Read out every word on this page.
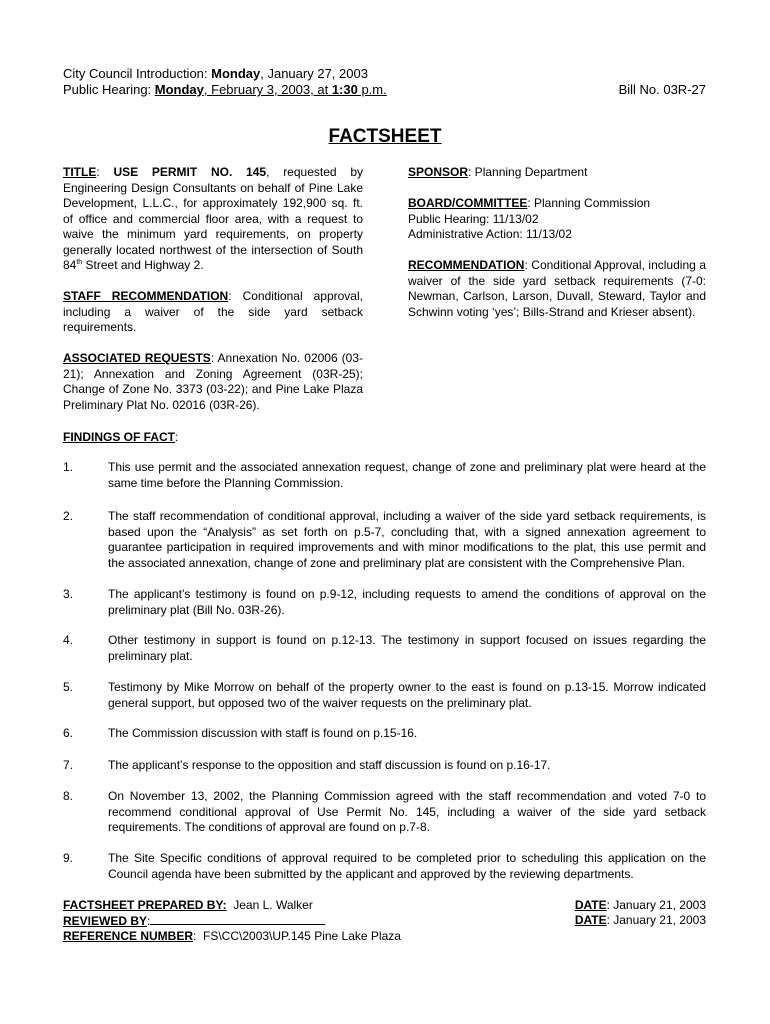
City Council Introduction: Monday, January 27, 2003
Public Hearing: Monday, February 3, 2003, at 1:30 p.m.	Bill No. 03R-27
FACTSHEET

TITLE: USE PERMIT NO. 145, requested by Engineering Design Consultants on behalf of Pine Lake Development, L.L.C., for approximately 192,900 sq. ft. of office and commercial floor area, with a request to waive the minimum yard requirements, on property generally located northwest of the intersection of South 84th Street and Highway 2.

STAFF RECOMMENDATION: Conditional approval, including a waiver of the side yard setback requirements.

ASSOCIATED REQUESTS: Annexation No. 02006 (03-21); Annexation and Zoning Agreement (03R-25); Change of Zone No. 3373 (03-22); and Pine Lake Plaza Preliminary Plat No. 02016 (03R-26).

SPONSOR: Planning Department

BOARD/COMMITTEE: Planning Commission
Public Hearing: 11/13/02
Administrative Action: 11/13/02

RECOMMENDATION: Conditional Approval, including a waiver of the side yard setback requirements (7-0: Newman, Carlson, Larson, Duvall, Steward, Taylor and Schwinn voting ‘yes’; Bills-Strand and Krieser absent).

FINDINGS OF FACT:
1.	This use permit and the associated annexation request, change of zone and preliminary plat were heard at the same time before the Planning Commission.
2.	The staff recommendation of conditional approval, including a waiver of the side yard setback requirements, is based upon the “Analysis” as set forth on p.5-7, concluding that, with a signed annexation agreement to guarantee participation in required improvements and with minor modifications to the plat, this use permit and the associated annexation, change of zone and preliminary plat are consistent with the Comprehensive Plan.
3.	The applicant’s testimony is found on p.9-12, including requests to amend the conditions of approval on the preliminary plat (Bill No. 03R-26).
4.	Other testimony in support is found on p.12-13. The testimony in support focused on issues regarding the preliminary plat.
5.	Testimony by Mike Morrow on behalf of the property owner to the east is found on p.13-15. Morrow indicated general support, but opposed two of the waiver requests on the preliminary plat.
6.	The Commission discussion with staff is found on p.15-16.
7.	The applicant’s response to the opposition and staff discussion is found on p.16-17.
8.	On November 13, 2002, the Planning Commission agreed with the staff recommendation and voted 7-0 to recommend conditional approval of Use Permit No. 145, including a waiver of the side yard setback requirements. The conditions of approval are found on p.7-8.
9.	The Site Specific conditions of approval required to be completed prior to scheduling this application on the Council agenda have been submitted by the applicant and approved by the reviewing departments.
FACTSHEET PREPARED BY:  Jean L. Walker	DATE: January 21, 2003
REVIEWED BY:	DATE: January 21, 2003
REFERENCE NUMBER:  FS\CC\2003\UP.145 Pine Lake Plaza
